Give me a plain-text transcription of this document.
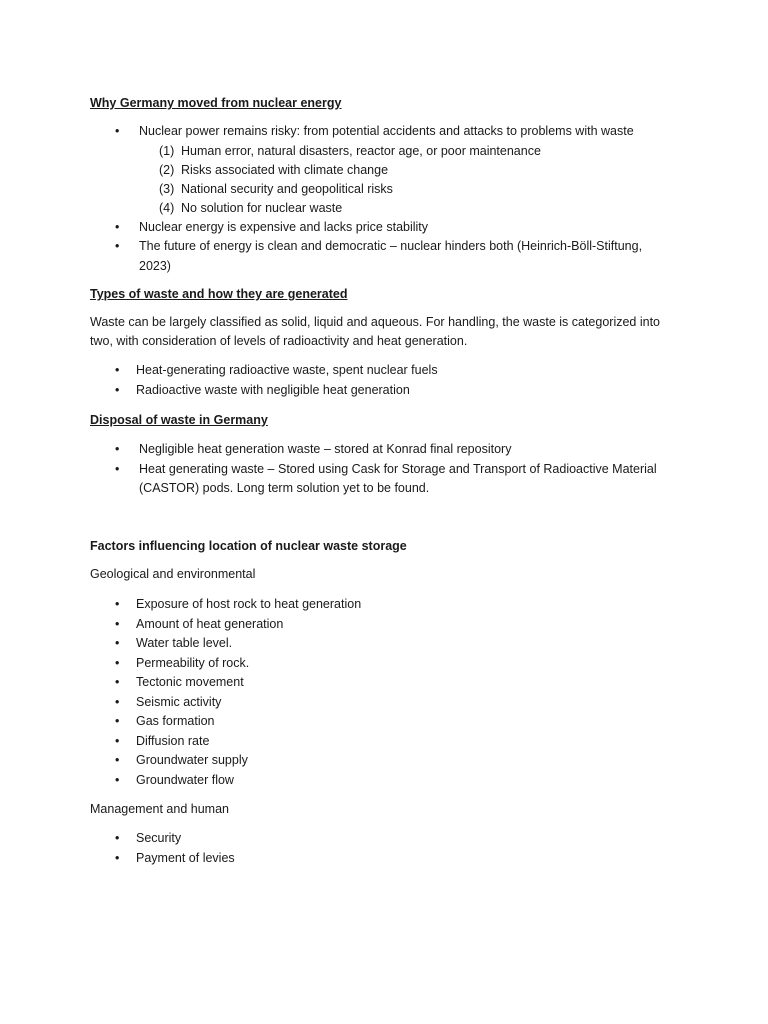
Why Germany moved from nuclear energy
• Nuclear power remains risky: from potential accidents and attacks to problems with waste
(1) Human error, natural disasters, reactor age, or poor maintenance
(2) Risks associated with climate change
(3) National security and geopolitical risks
(4) No solution for nuclear waste
• Nuclear energy is expensive and lacks price stability
• The future of energy is clean and democratic – nuclear hinders both (Heinrich-Böll-Stiftung, 2023)
Types of waste and how they are generated

Waste can be largely classified as solid, liquid and aqueous. For handling, the waste is categorized into two, with consideration of levels of radioactivity and heat generation.

• Heat-generating radioactive waste, spent nuclear fuels
• Radioactive waste with negligible heat generation
Disposal of waste in Germany
• Negligible heat generation waste – stored at Konrad final repository
• Heat generating waste – Stored using Cask for Storage and Transport of Radioactive Material (CASTOR) pods. Long term solution yet to be found.
Factors influencing location of nuclear waste storage

Geological and environmental

• Exposure of host rock to heat generation
• Amount of heat generation
• Water table level.
• Permeability of rock.
• Tectonic movement
• Seismic activity
• Gas formation
• Diffusion rate
• Groundwater supply
• Groundwater flow

Management and human

• Security
• Payment of levies
